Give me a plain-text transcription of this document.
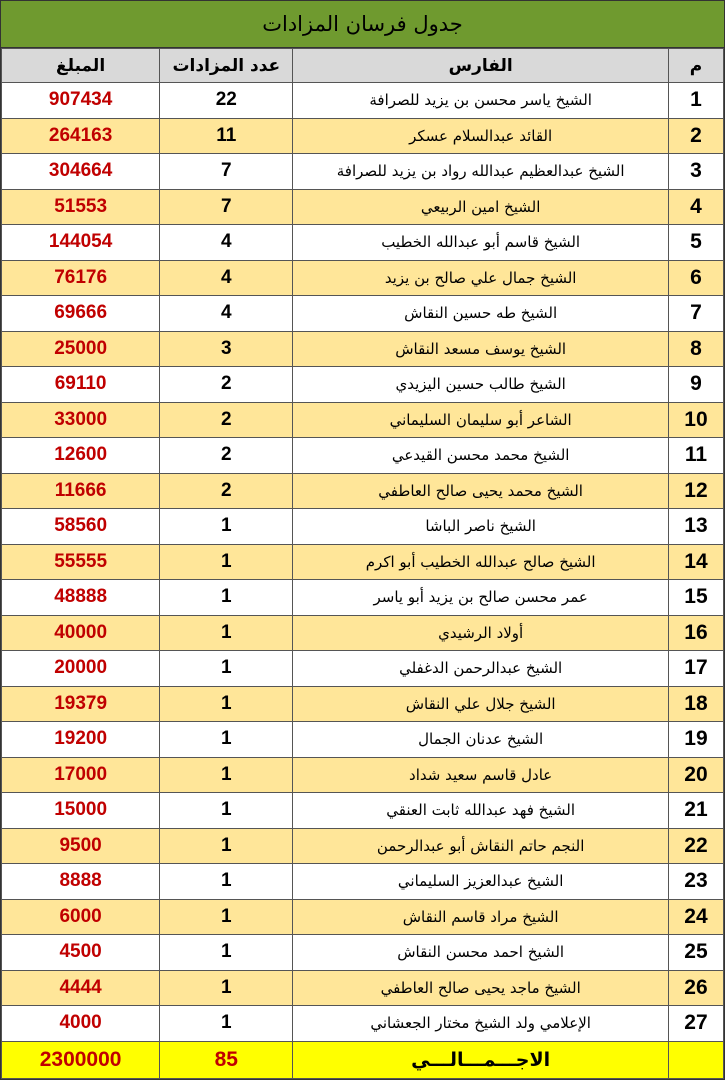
جدول فرسان المزادات
المبلغ	عدد المزادات	الفارس	م
907434	22	الشيخ ياسر محسن بن يزيد للصرافة	1
264163	11	القائد عبدالسلام عسكر	2
304664	7	الشيخ عبدالعظيم عبدالله رواد بن يزيد للصرافة	3
51553	7	الشيخ امين الربيعي	4
144054	4	الشيخ قاسم أبو عبدالله الخطيب	5
76176	4	الشيخ جمال علي صالح بن يزيد	6
69666	4	الشيخ طه حسين النقاش	7
25000	3	الشيخ يوسف مسعد النقاش	8
69110	2	الشيخ طالب حسين اليزيدي	9
33000	2	الشاعر أبو سليمان السليماني	10
12600	2	الشيخ محمد محسن القيدعي	11
11666	2	الشيخ محمد يحيى صالح العاطفي	12
58560	1	الشيخ ناصر الباشا	13
55555	1	الشيخ صالح عبدالله الخطيب أبو اكرم	14
48888	1	عمر محسن صالح بن يزيد أبو ياسر	15
40000	1	أولاد الرشيدي	16
20000	1	الشيخ عبدالرحمن الدغفلي	17
19379	1	الشيخ جلال علي النقاش	18
19200	1	الشيخ عدنان الجمال	19
17000	1	عادل قاسم سعيد شداد	20
15000	1	الشيخ فهد عبدالله ثابت العنقي	21
9500	1	النجم حاتم النقاش أبو عبدالرحمن	22
8888	1	الشيخ عبدالعزيز السليماني	23
6000	1	الشيخ مراد قاسم النقاش	24
4500	1	الشيخ احمد محسن النقاش	25
4444	1	الشيخ ماجد يحيى صالح العاطفي	26
4000	1	الإعلامي ولد الشيخ مختار الجعشاني	27
2300000	85	الاجـــمـــالـــي	
